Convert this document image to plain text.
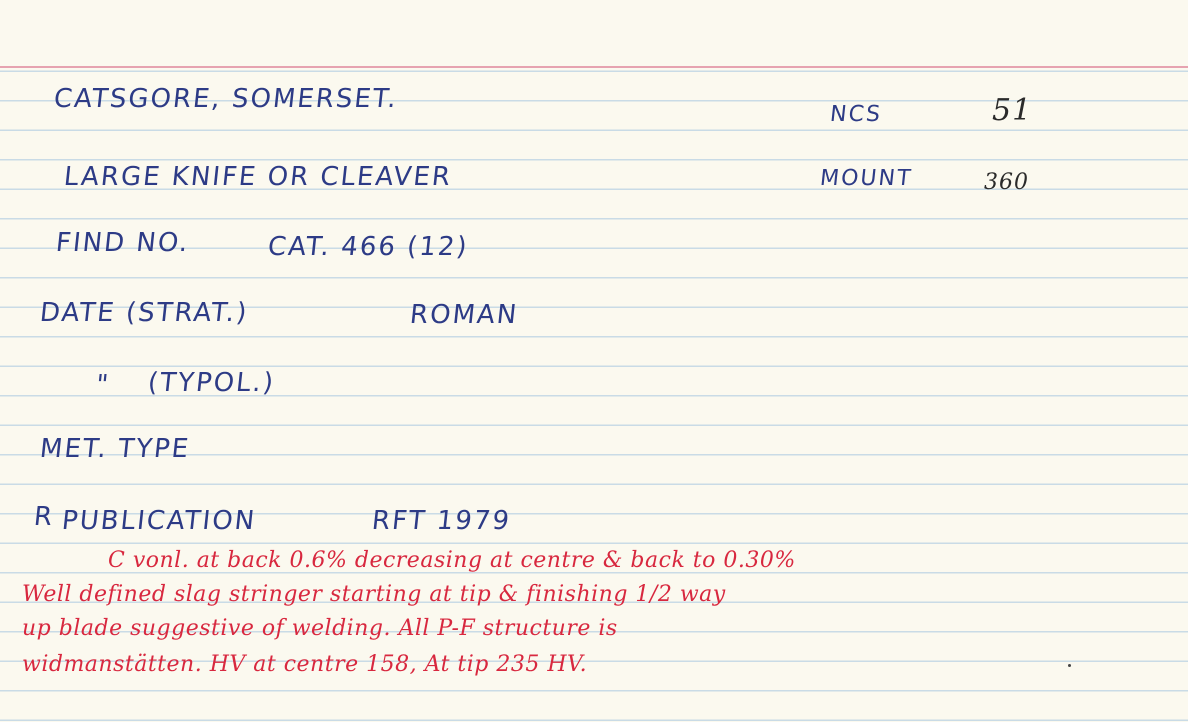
CATSGORE, SOMERSET.
NCS	51
LARGE KNIFE OR CLEAVER	MOUNT	360
FIND NO.	CAT. 466 (12)
DATE (STRAT.)	ROMAN
" (TYPOL.)
MET. TYPE
R PUBLICATION	RFT 1979
C vonl. at back 0.6% decreasing at centre & back to 0.30%
Well defined slag stringer starting at tip & finishing 1/2 way
up blade suggestive of welding. All P-F structure is
widmanstätten. HV at centre 158, At tip 235 HV.
